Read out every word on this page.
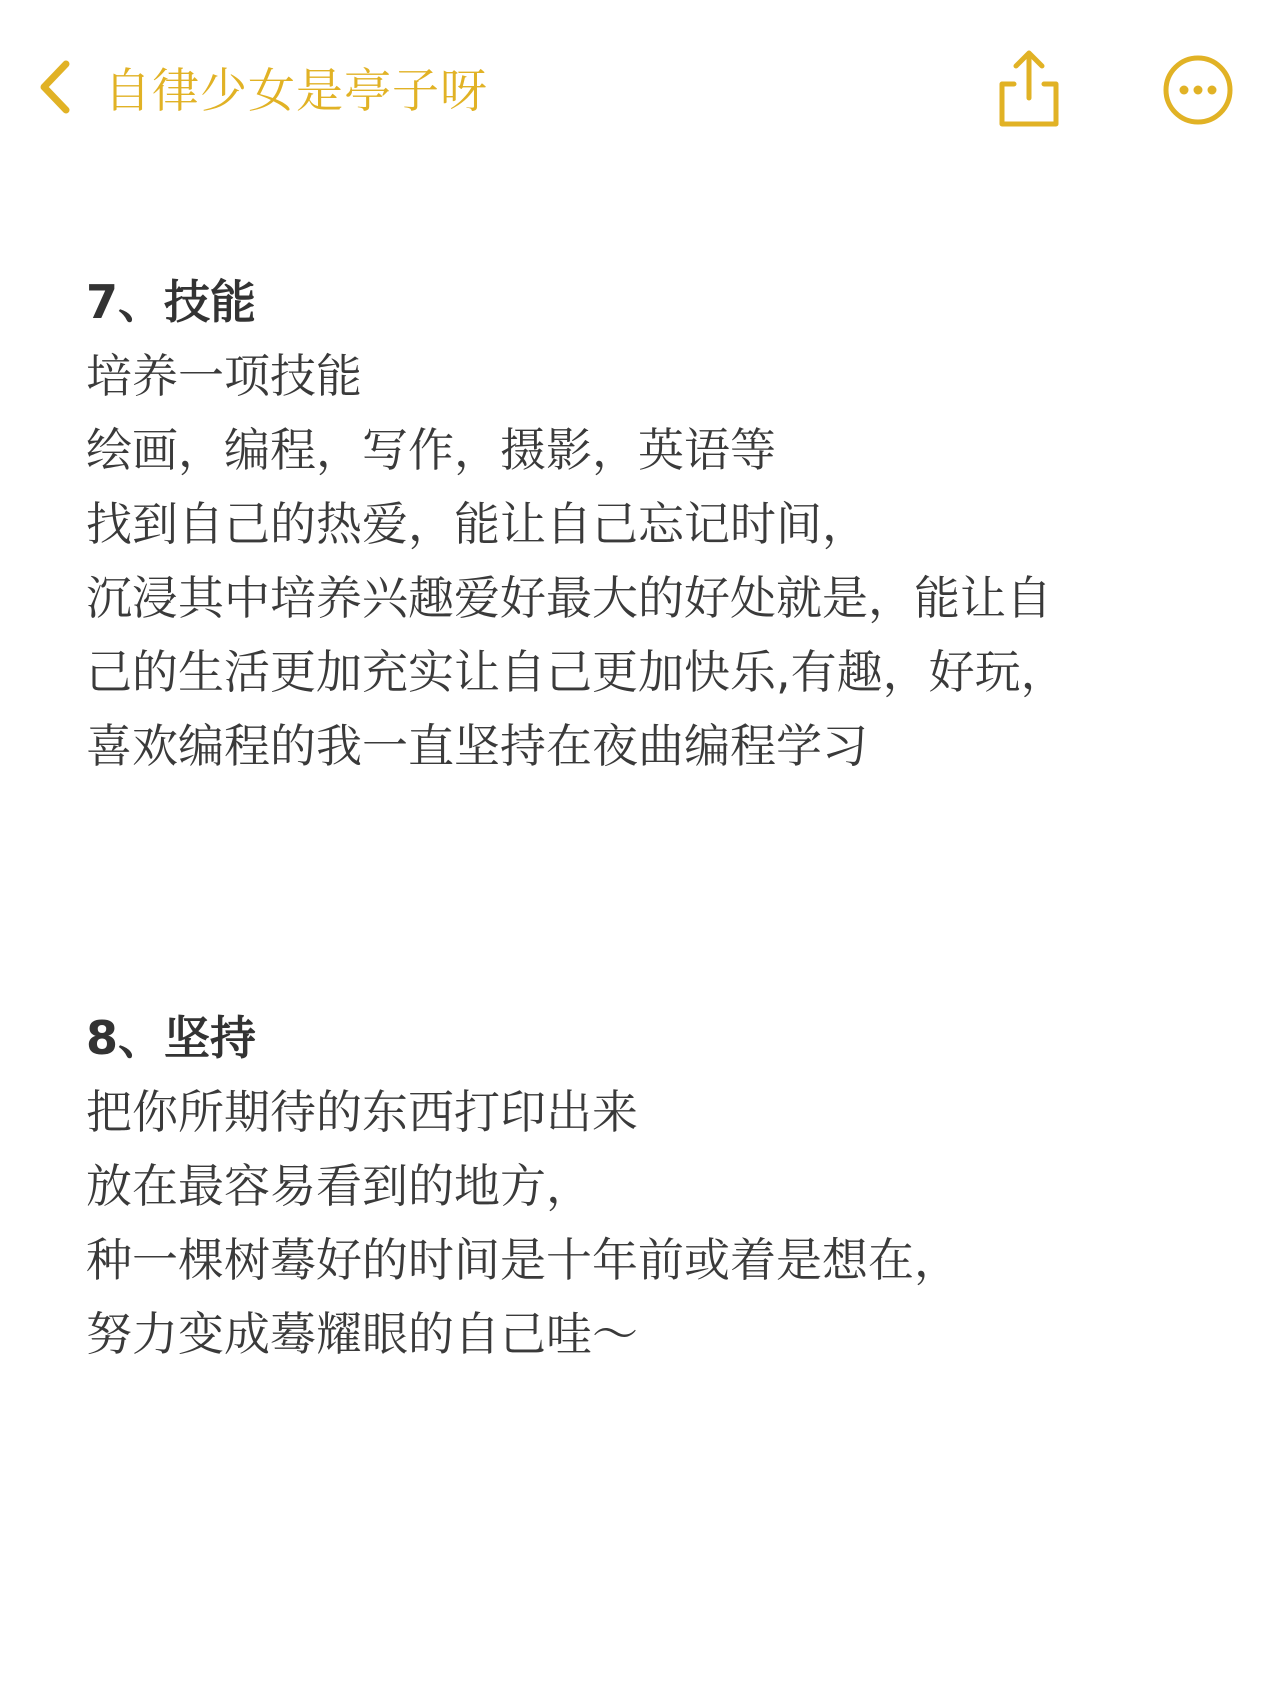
自律少女是亭子呀
7、技能
培养一项技能
绘画，编程，写作，摄影，英语等
找到自己的热爱，能让自己忘记时间，
沉浸其中培养兴趣爱好最大的好处就是，能让自
己的生活更加充实让自己更加快乐,有趣，好玩，
喜欢编程的我一直坚持在夜曲编程学习
8、坚持
把你所期待的东西打印出来
放在最容易看到的地方，
种一棵树蓦好的时间是十年前或着是想在，
努力变成蓦耀眼的自己哇～
